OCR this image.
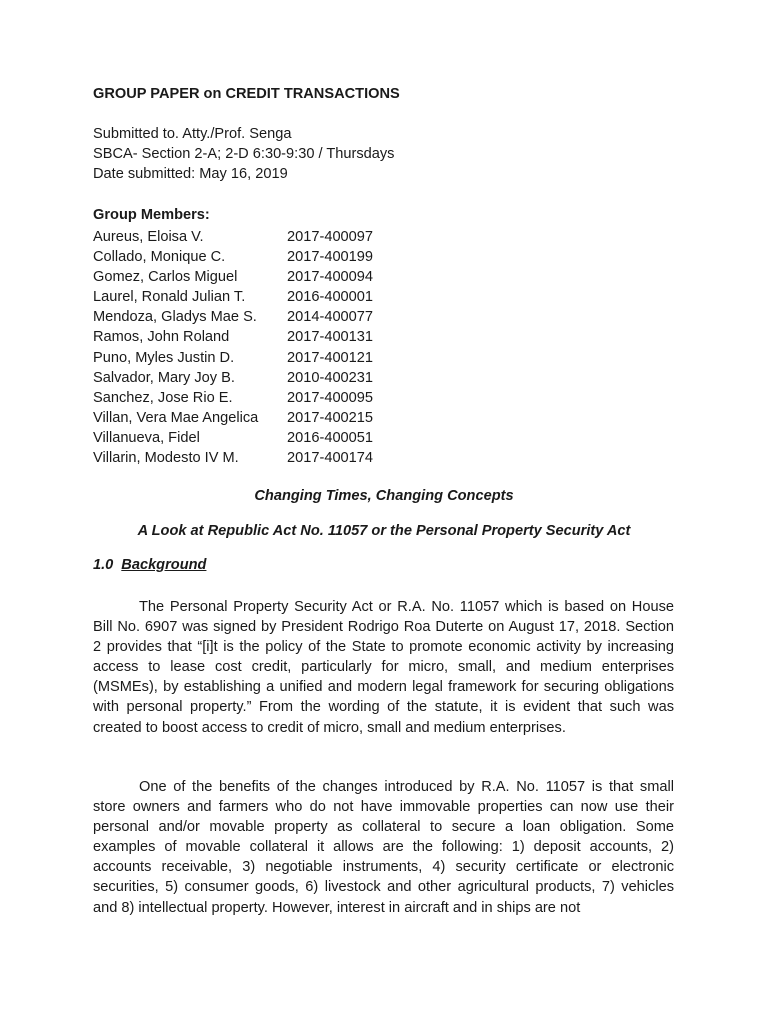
GROUP PAPER on CREDIT TRANSACTIONS
Submitted to. Atty./Prof. Senga
SBCA- Section 2-A; 2-D 6:30-9:30 / Thursdays
Date submitted: May 16, 2019
Group Members:
Aureus, Eloisa V.	2017-400097
Collado, Monique C.	2017-400199
Gomez, Carlos Miguel	2017-400094
Laurel, Ronald Julian T.	2016-400001
Mendoza, Gladys Mae S. 2014-400077
Ramos, John Roland	2017-400131
Puno, Myles Justin D.	2017-400121
Salvador, Mary Joy B.	2010-400231
Sanchez, Jose Rio E.	2017-400095
Villan, Vera Mae Angelica 2017-400215
Villanueva, Fidel	2016-400051
Villarin, Modesto IV M.	2017-400174
Changing Times, Changing Concepts
A Look at Republic Act No. 11057 or the Personal Property Security Act
1.0 Background

The Personal Property Security Act or R.A. No. 11057 which is based on House Bill No. 6907 was signed by President Rodrigo Roa Duterte on August 17, 2018. Section 2 provides that “[i]t is the policy of the State to promote economic activity by increasing access to lease cost credit, particularly for micro, small, and medium enterprises (MSMEs), by establishing a unified and modern legal framework for securing obligations with personal property.” From the wording of the statute, it is evident that such was created to boost access to credit of micro, small and medium enterprises.

One of the benefits of the changes introduced by R.A. No. 11057 is that small store owners and farmers who do not have immovable properties can now use their personal and/or movable property as collateral to secure a loan obligation. Some examples of movable collateral it allows are the following: 1) deposit accounts, 2) accounts receivable, 3) negotiable instruments, 4) security certificate or electronic securities, 5) consumer goods, 6) livestock and other agricultural products, 7) vehicles and 8) intellectual property. However, interest in aircraft and in ships are not
